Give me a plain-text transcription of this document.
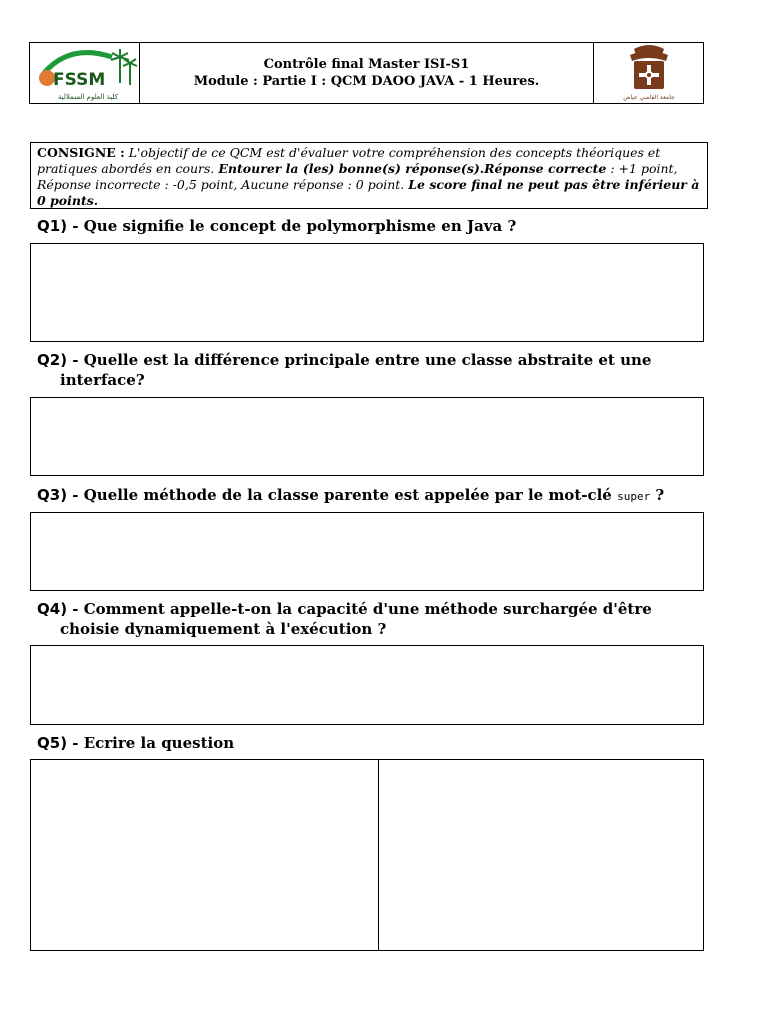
FSSM
كلية العلوم السملالية
Contrôle final Master ISI-S1
Module : Partie I : QCM DAOO JAVA - 1 Heures.
جامعة القاضي عياض
CONSIGNE : L'objectif de ce QCM est d'évaluer votre compréhension des concepts théoriques et pratiques abordés en cours. Entourer la (les) bonne(s) réponse(s).Réponse correcte : +1 point, Réponse incorrecte : -0,5 point, Aucune réponse : 0 point. Le score final ne peut pas être inférieur à 0 points.
Q1) - Que signifie le concept de polymorphisme en Java ?
Q2) - Quelle est la différence principale entre une classe abstraite et une
interface?
Q3) - Quelle méthode de la classe parente est appelée par le mot-clé super ?
Q4) - Comment appelle-t-on la capacité d'une méthode surchargée d'être
choisie dynamiquement à l'exécution ?
Q5) - Ecrire la question
